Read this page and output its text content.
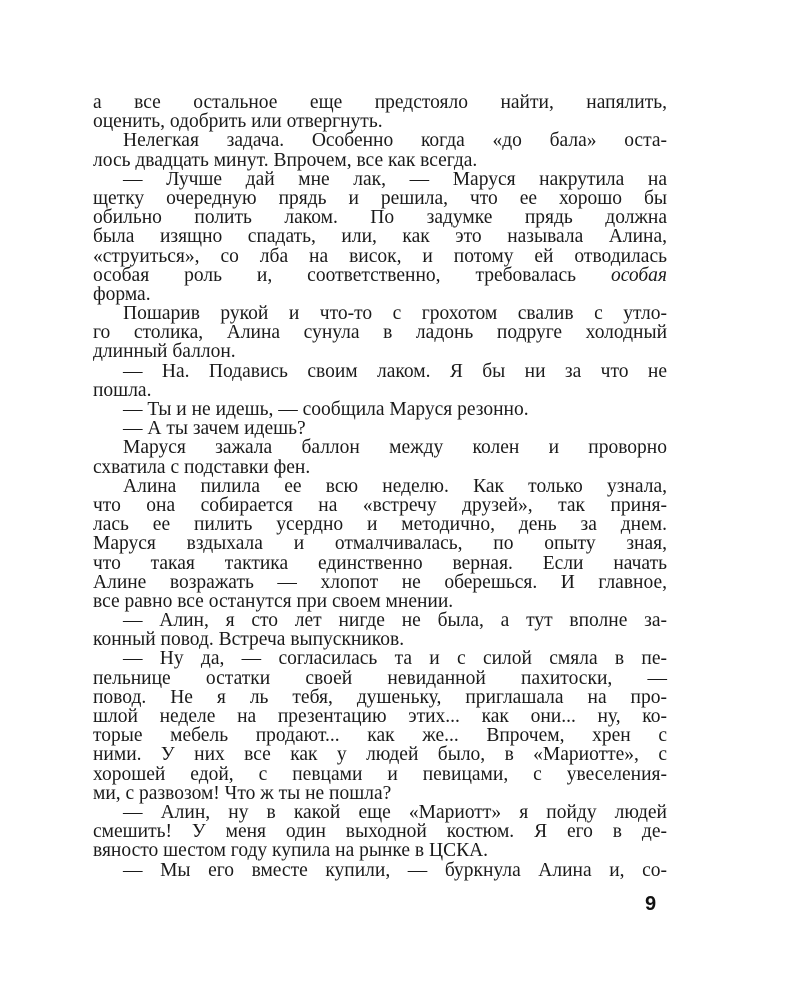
а все остальное еще предстояло найти, напялить,
оценить, одобрить или отвергнуть.
Нелегкая задача. Особенно когда «до бала» оста-
лось двадцать минут. Впрочем, все как всегда.
— Лучше дай мне лак, — Маруся накрутила на
щетку очередную прядь и решила, что ее хорошо бы
обильно полить лаком. По задумке прядь должна
была изящно спадать, или, как это называла Алина,
«струиться», со лба на висок, и потому ей отводилась
особая роль и, соответственно, требовалась особая
форма.
Пошарив рукой и что-то с грохотом свалив с утло-
го столика, Алина сунула в ладонь подруге холодный
длинный баллон.
— На. Подавись своим лаком. Я бы ни за что не
пошла.
— Ты и не идешь, — сообщила Маруся резонно.
— А ты зачем идешь?
Маруся зажала баллон между колен и проворно
схватила с подставки фен.
Алина пилила ее всю неделю. Как только узнала,
что она собирается на «встречу друзей», так приня-
лась ее пилить усердно и методично, день за днем.
Маруся вздыхала и отмалчивалась, по опыту зная,
что такая тактика единственно верная. Если начать
Алине возражать — хлопот не оберешься. И главное,
все равно все останутся при своем мнении.
— Алин, я сто лет нигде не была, а тут вполне за-
конный повод. Встреча выпускников.
— Ну да, — согласилась та и с силой смяла в пе-
пельнице остатки своей невиданной пахитоски, —
повод. Не я ль тебя, душеньку, приглашала на про-
шлой неделе на презентацию этих... как они... ну, ко-
торые мебель продают... как же... Впрочем, хрен с
ними. У них все как у людей было, в «Мариотте», с
хорошей едой, с певцами и певицами, с увеселения-
ми, с развозом! Что ж ты не пошла?
— Алин, ну в какой еще «Мариотт» я пойду людей
смешить! У меня один выходной костюм. Я его в де-
вяносто шестом году купила на рынке в ЦСКА.
— Мы его вместе купили, — буркнула Алина и, со-
9
